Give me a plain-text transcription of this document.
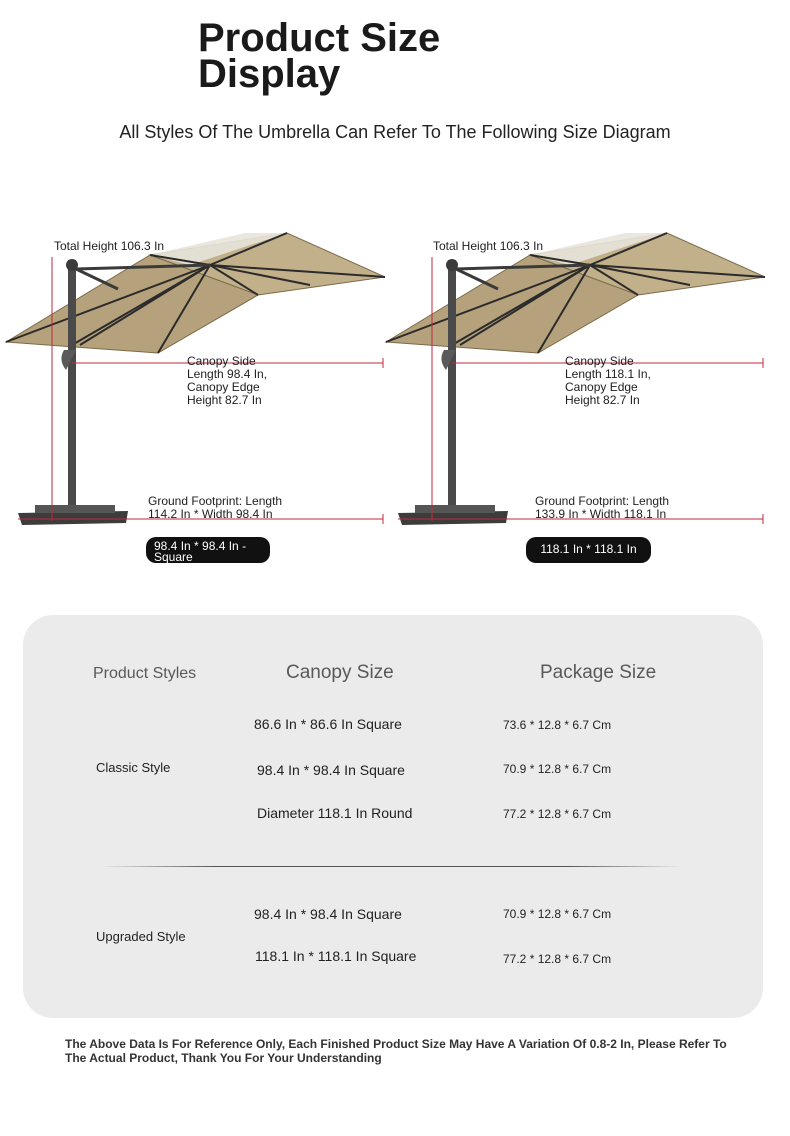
Product Size
Display
All Styles Of The Umbrella Can Refer To The Following Size Diagram
Total Height 106.3 In
Canopy Side
Length 98.4 In,
Canopy Edge
Height 82.7 In
Ground Footprint: Length
114.2 In * Width 98.4 In
98.4 In * 98.4 In -
Square
Total Height 106.3 In
Canopy Side
Length 118.1 In,
Canopy Edge
Height 82.7 In
Ground Footprint: Length
133.9 In * Width 118.1 In
118.1 In * 118.1 In
Product Styles	Canopy Size	Package Size
Classic Style
86.6 In * 86.6 In Square	73.6 * 12.8 * 6.7 Cm
98.4 In * 98.4 In Square	70.9 * 12.8 * 6.7 Cm
Diameter 118.1 In Round	77.2 * 12.8 * 6.7 Cm
Upgraded Style
98.4 In * 98.4 In Square	70.9 * 12.8 * 6.7 Cm
118.1 In * 118.1 In Square	77.2 * 12.8 * 6.7 Cm
The Above Data Is For Reference Only, Each Finished Product Size May Have A Variation Of 0.8-2 In, Please Refer To The Actual Product, Thank You For Your Understanding
